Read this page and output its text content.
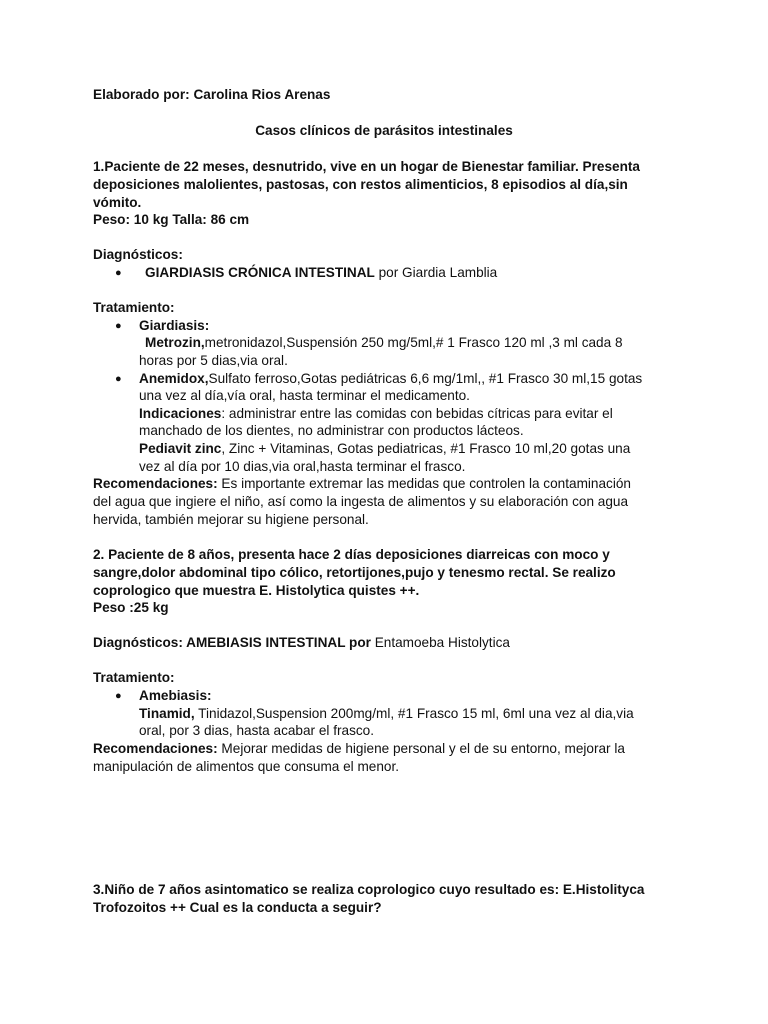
Elaborado por: Carolina Rios Arenas
Casos clínicos de parásitos intestinales
1.Paciente de 22 meses, desnutrido, vive en un hogar de Bienestar familiar. Presenta
deposiciones malolientes, pastosas, con restos alimenticios, 8 episodios al día,sin
vómito.
Peso: 10 kg Talla: 86 cm
Diagnósticos:
● GIARDIASIS CRÓNICA INTESTINAL por Giardia Lamblia
Tratamiento:
● Giardiasis:
Metrozin,metronidazol,Suspensión 250 mg/5ml,# 1 Frasco 120 ml ,3 ml cada 8
horas por 5 dias,via oral.
● Anemidox,Sulfato ferroso,Gotas pediátricas 6,6 mg/1ml,, #1 Frasco 30 ml,15 gotas
una vez al día,vía oral, hasta terminar el medicamento.
Indicaciones: administrar entre las comidas con bebidas cítricas para evitar el
manchado de los dientes, no administrar con productos lácteos.
Pediavit zinc, Zinc + Vitaminas, Gotas pediatricas, #1 Frasco 10 ml,20 gotas una
vez al día por 10 dias,via oral,hasta terminar el frasco.
Recomendaciones: Es importante extremar las medidas que controlen la contaminación
del agua que ingiere el niño, así como la ingesta de alimentos y su elaboración con agua
hervida, también mejorar su higiene personal.
2. Paciente de 8 años, presenta hace 2 días deposiciones diarreicas con moco y
sangre,dolor abdominal tipo cólico, retortijones,pujo y tenesmo rectal. Se realizo
coprologico que muestra E. Histolytica quistes ++.
Peso :25 kg
Diagnósticos: AMEBIASIS INTESTINAL por Entamoeba Histolytica
Tratamiento:
● Amebiasis:
Tinamid, Tinidazol,Suspension 200mg/ml, #1 Frasco 15 ml, 6ml una vez al dia,via
oral, por 3 dias, hasta acabar el frasco.
Recomendaciones: Mejorar medidas de higiene personal y el de su entorno, mejorar la
manipulación de alimentos que consuma el menor.
3.Niño de 7 años asintomatico se realiza coprologico cuyo resultado es: E.Histolityca
Trofozoitos ++ Cual es la conducta a seguir?
